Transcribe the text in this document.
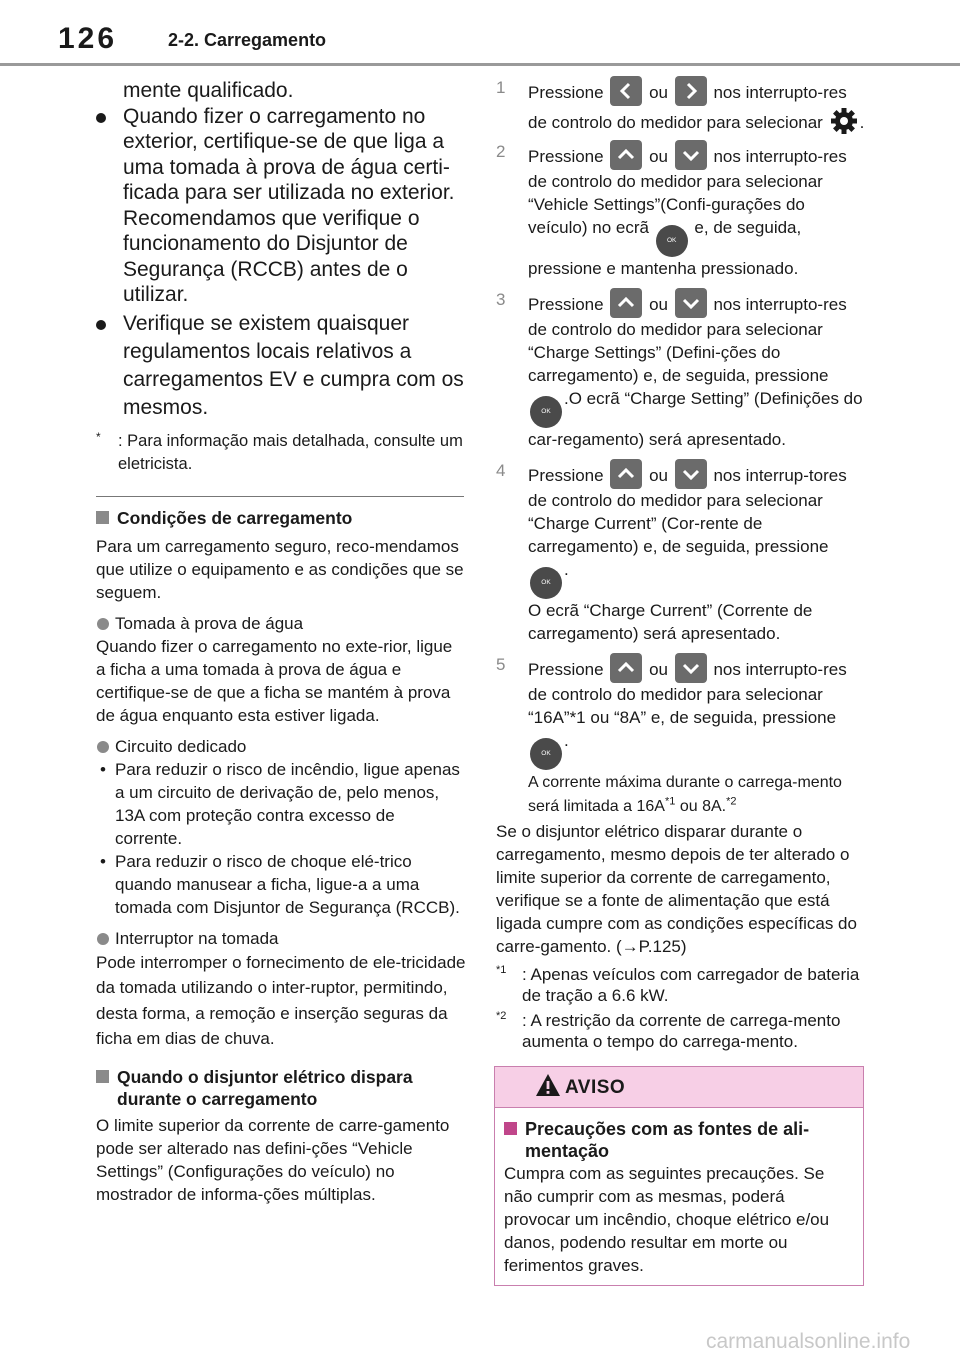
126	2-2. Carregamento

mente qualificado.

Quando fizer o carregamento no exterior, certifique-se de que liga a uma tomada à prova de água certi-ficada para ser utilizada no exterior. Recomendamos que verifique o funcionamento do Disjuntor de Segurança (RCCB) antes de o utilizar.
Verifique se existem quaisquer regulamentos locais relativos a carregamentos EV e cumpra com os mesmos.
*
: Para informação mais detalhada, consulte um eletricista.
Condições de carregamento

Para um carregamento seguro, reco-mendamos que utilize o equipamento e as condições que se seguem.

Tomada à prova de água

Quando fizer o carregamento no exte-rior, ligue a ficha a uma tomada à prova de água e certifique-se de que a ficha se mantém à prova de água enquanto esta estiver ligada.

Circuito dedicado
• Para reduzir o risco de incêndio, ligue apenas a um circuito de derivação de, pelo menos, 13A com proteção contra excesso de corrente.
• Para reduzir o risco de choque elé-trico quando manusear a ficha, ligue-a a uma tomada com Disjuntor de Segurança (RCCB).
Interruptor na tomada

Pode interromper o fornecimento de ele-tricidade da tomada utilizando o inter-ruptor, permitindo, desta forma, a remoção e inserção seguras da ficha em dias de chuva.

Quando o disjuntor elétrico dispara durante o carregamento

O limite superior da corrente de carre-gamento pode ser alterado nas defini-ções “Vehicle Settings” (Configurações do veículo) no mostrador de informa-ções múltiplas.

1 Pressione	ou	nos interrupto-res de controlo do medidor para selecionar .
2 Pressione	ou	nos interrupto-res de controlo do medidor para selecionar “Vehicle Settings”(Confi-gurações do veículo) no ecrã OK e, de seguida, pressione e mantenha pressionado.
3 Pressione	ou	nos interrupto-res de controlo do medidor para selecionar “Charge Settings” (Defini-ções do carregamento) e, de seguida, pressione OK.O ecrã “Charge Setting” (Definições do car-regamento) será apresentado.
4 Pressione	ou	nos interrup-tores de controlo do medidor para selecionar “Charge Current” (Cor-rente de carregamento) e, de seguida, pressione OK.
O ecrã “Charge Current” (Corrente de carregamento) será apresentado.
5 Pressione	ou	nos interrupto-res de controlo do medidor para selecionar “16A”*1 ou “8A” e, de seguida, pressione OK.
A corrente máxima durante o carrega-mento será limitada a $16A^{*1}$ ou 8A.$^{*2}$

Se o disjuntor elétrico disparar durante o carregamento, mesmo depois de ter alterado o limite superior da corrente de carregamento, verifique se a fonte de alimentação que está ligada cumpre com as condições específicas do carre-gamento. (→P.125)

*1 : Apenas veículos com carregador de bateria de tração a 6.6 kW.
*2 : A restrição da corrente de carrega-mento aumenta o tempo do carrega-mento.
AVISO
Precauções com as fontes de ali-mentação

Cumpra com as seguintes precauções. Se não cumprir com as mesmas, poderá provocar um incêndio, choque elétrico e/ou danos, podendo resultar em morte ou ferimentos graves.

carmanualsonline.info
